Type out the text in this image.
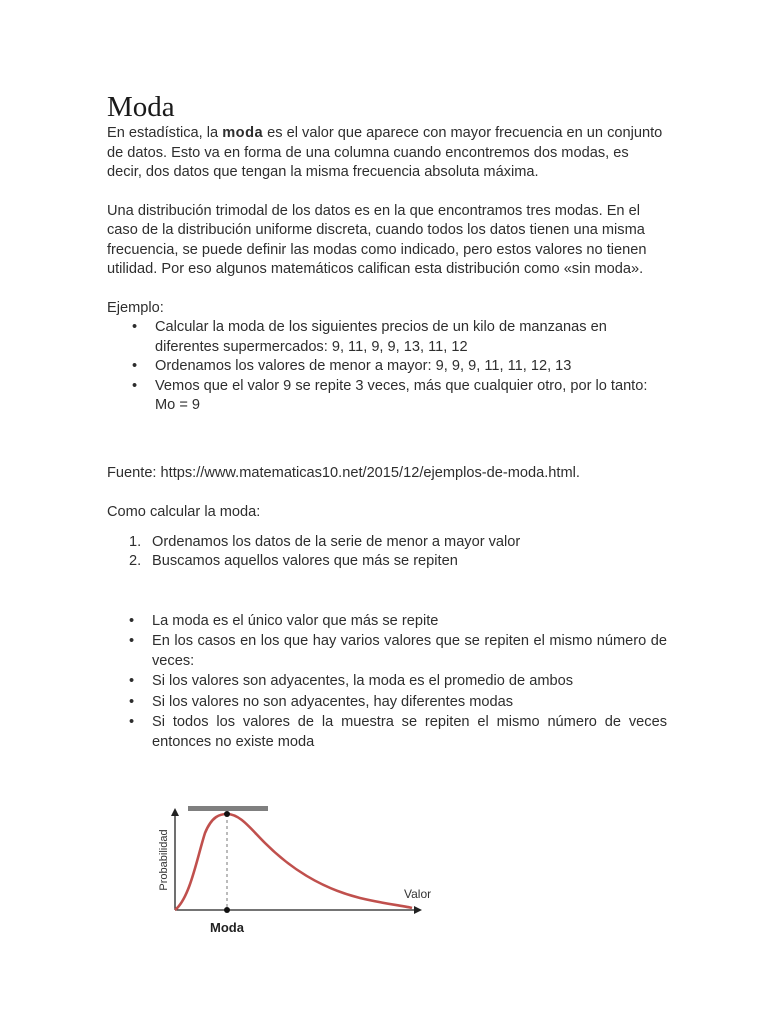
Moda

En estadística, la moda es el valor que aparece con mayor frecuencia en un conjunto de datos. Esto va en forma de una columna cuando encontremos dos modas, es decir, dos datos que tengan la misma frecuencia absoluta máxima.

Una distribución trimodal de los datos es en la que encontramos tres modas. En el caso de la distribución uniforme discreta, cuando todos los datos tienen una misma frecuencia, se puede definir las modas como indicado, pero estos valores no tienen utilidad. Por eso algunos matemáticos califican esta distribución como «sin moda».

Ejemplo:

• Calcular la moda de los siguientes precios de un kilo de manzanas en diferentes supermercados: 9, 11, 9, 9, 13, 11, 12
• Ordenamos los valores de menor a mayor: 9, 9, 9, 11, 11, 12, 13
• Vemos que el valor 9 se repite 3 veces, más que cualquier otro, por lo tanto: Mo = 9

Fuente: https://www.matematicas10.net/2015/12/ejemplos-de-moda.html.

Como calcular la moda:

1. Ordenamos los datos de la serie de menor a mayor valor
2. Buscamos aquellos valores que más se repiten
• La moda es el único valor que más se repite
• En los casos en los que hay varios valores que se repiten el mismo número de veces:
• Si los valores son adyacentes, la moda es el promedio de ambos
• Si los valores no son adyacentes, hay diferentes modas
• Si todos los valores de la muestra se repiten el mismo número de veces entonces no existe moda
Probabilidad
Valor
Moda
